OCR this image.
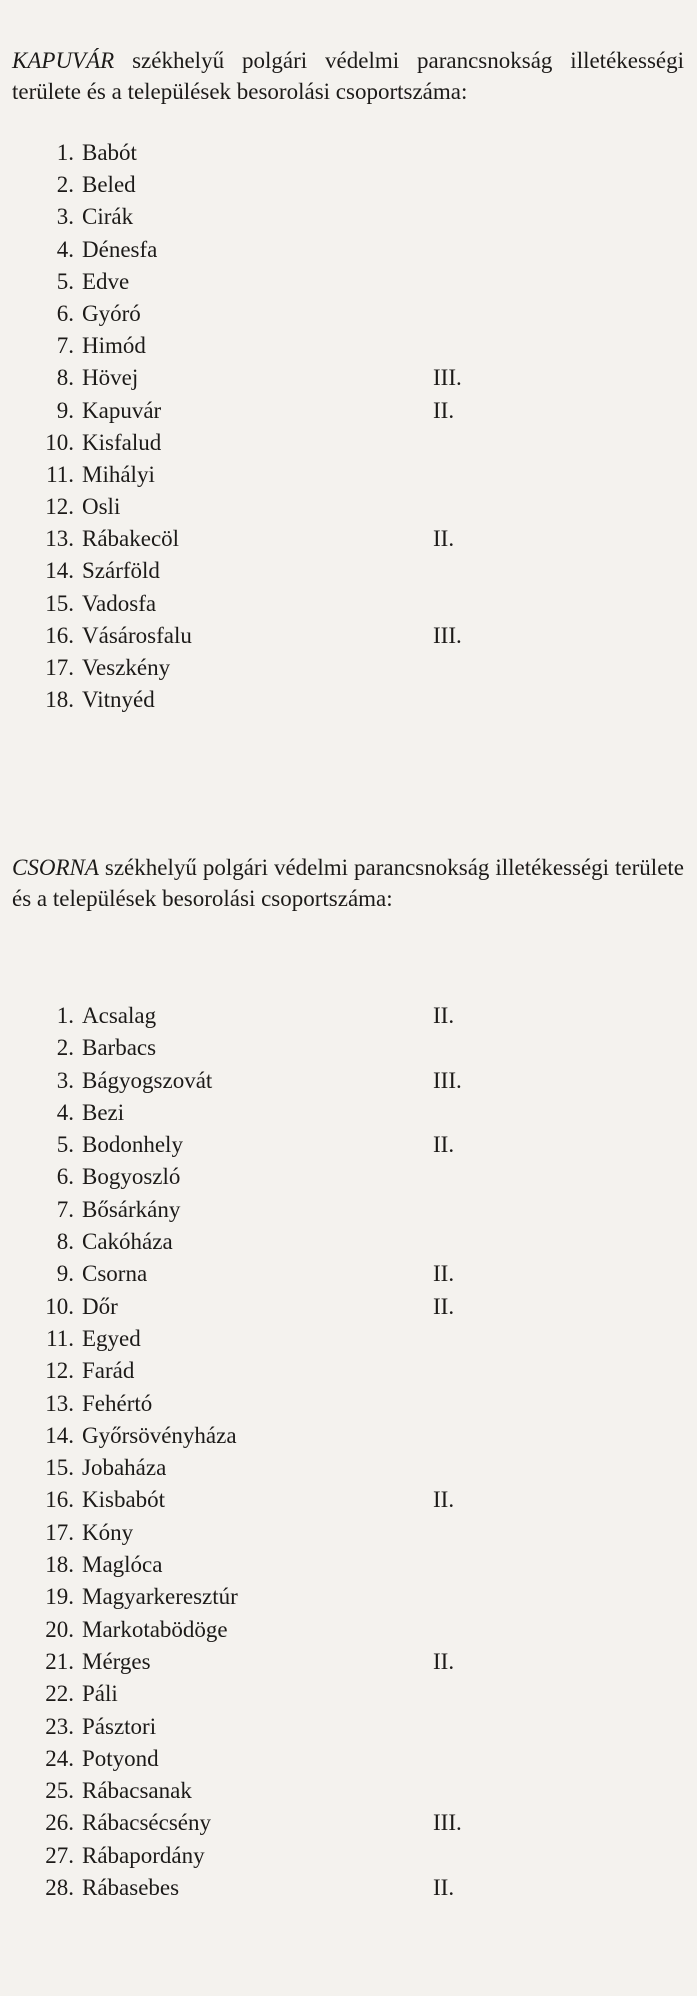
KAPUVÁR székhelyű polgári védelmi parancsnokság illetékességi területe és a települések besorolási csoportszáma:

1. Babót
2. Beled
3. Cirák
4. Dénesfa
5. Edve
6. Gyóró
7. Himód
8. Hövej	III.
9. Kapuvár	II.
10. Kisfalud
11. Mihályi
12. Osli
13. Rábakecöl	II.
14. Szárföld
15. Vadosfa
16. Vásárosfalu	III.
17. Veszkény
18. Vitnyéd

CSORNA székhelyű polgári védelmi parancsnokság illetékességi területe és a települések besorolási csoportszáma:

1. Acsalag	II.
2. Barbacs
3. Bágyogszovát	III.
4. Bezi
5. Bodonhely	II.
6. Bogyoszló
7. Bősárkány
8. Cakóháza
9. Csorna	II.
10. Dőr	II.
11. Egyed
12. Farád
13. Fehértó
14. Győrsövényháza
15. Jobaháza
16. Kisbabót	II.
17. Kóny
18. Maglóca
19. Magyarkeresztúr
20. Markotabödöge
21. Mérges	II.
22. Páli
23. Pásztori
24. Potyond
25. Rábacsanak
26. Rábacsécsény	III.
27. Rábapordány
28. Rábasebes	II.
